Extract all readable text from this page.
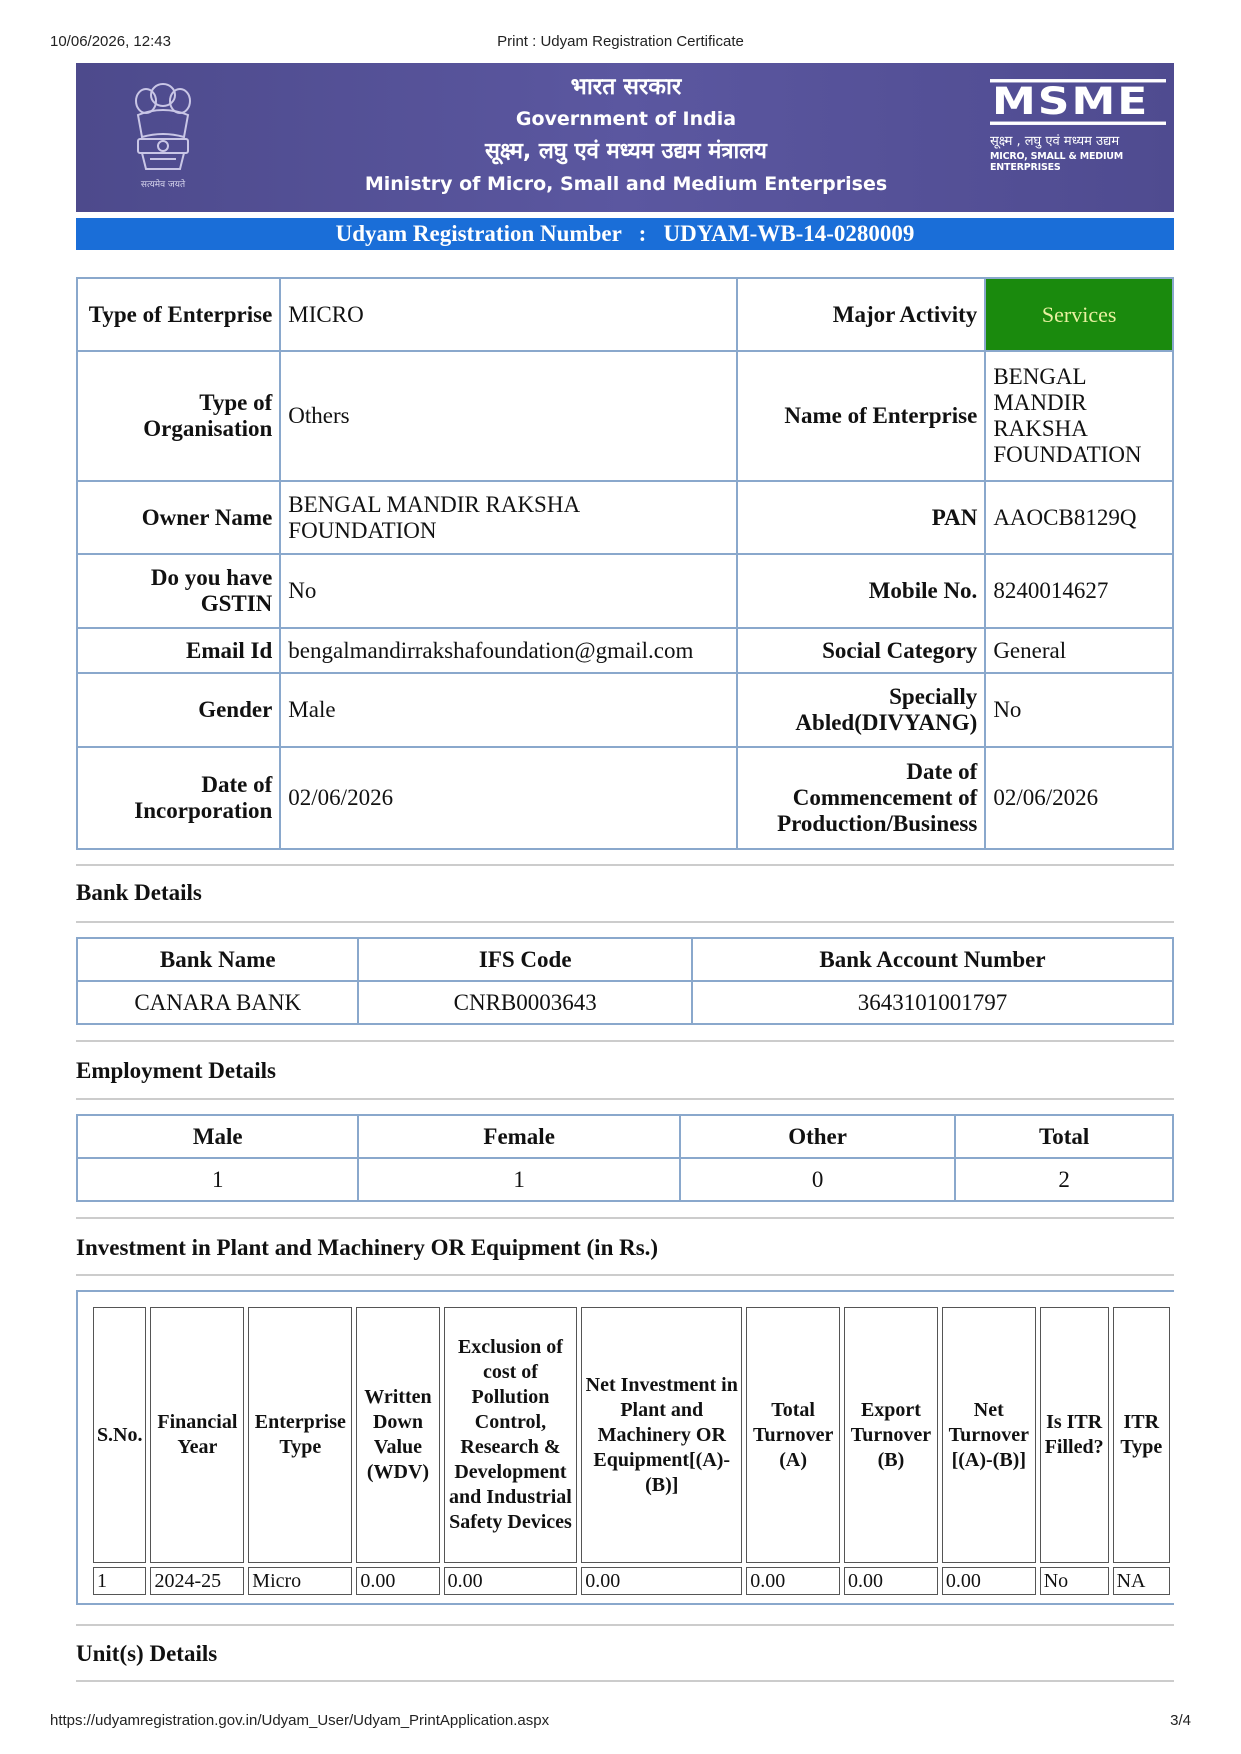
10/06/2026, 12:43	Print : Udyam Registration Certificate
सत्यमेव जयते
भारत सरकार
Government of India
सूक्ष्म, लघु एवं मध्यम उद्यम मंत्रालय
Ministry of Micro, Small and Medium Enterprises
MSME
सूक्ष्म , लघु एवं मध्यम उद्यम
MICRO, SMALL & MEDIUM ENTERPRISES
Udyam Registration Number : UDYAM-WB-14-0280009
Type of Enterprise	MICRO	Major Activity	Services
Type of Organisation	Others	Name of Enterprise	BENGAL MANDIR RAKSHA FOUNDATION
Owner Name	BENGAL MANDIR RAKSHA FOUNDATION	PAN	AAOCB8129Q
Do you have GSTIN	No	Mobile No.	8240014627
Email Id	bengalmandirrakshafoundation@gmail.com	Social Category	General
Gender	Male	Specially Abled(DIVYANG)	No
Date of Incorporation	02/06/2026	Date of Commencement of Production/Business	02/06/2026
Bank Details
Bank Name	IFS Code	Bank Account Number
CANARA BANK	CNRB0003643	3643101001797
Employment Details
Male	Female	Other	Total
1	1	0	2
Investment in Plant and Machinery OR Equipment (in Rs.)
S.No.	Financial Year	Enterprise Type	Written Down Value (WDV)	Exclusion of cost of Pollution Control, Research & Development and Industrial Safety Devices	Net Investment in Plant and Machinery OR Equipment[(A)-(B)]	Total Turnover (A)	Export Turnover (B)	Net Turnover [(A)-(B)]	Is ITR Filled?	ITR Type
1	2024-25	Micro	0.00	0.00	0.00	0.00	0.00	0.00	No	NA
Unit(s) Details
https://udyamregistration.gov.in/Udyam_User/Udyam_PrintApplication.aspx	3/4
